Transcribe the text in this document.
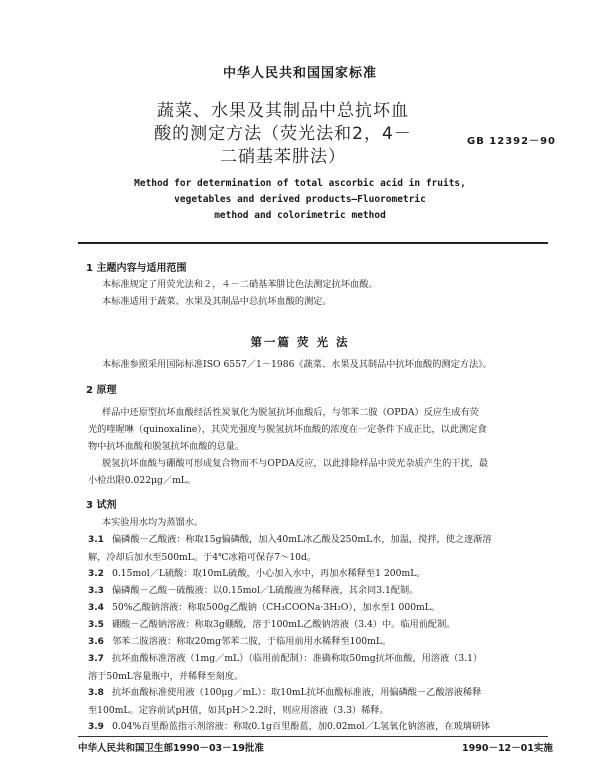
中华人民共和国国家标准
蔬菜、水果及其制品中总抗坏血
酸的测定方法（荧光法和2，4－
二硝基苯肼法）
GB 12392－90
Method for determination of total ascorbic acid in fruits,
vegetables and derived products—Fluorometric
method and colorimetric method
1 主题内容与适用范围
本标准规定了用荧光法和２，４－二硝基苯肼比色法测定抗坏血酸。
本标准适用于蔬菜、水果及其制品中总抗坏血酸的测定。
第一篇 荧 光 法
本标准参照采用国际标准ISO 6557／1－1986《蔬菜、水果及其制品中抗坏血酸的测定方法》。
2 原理
样品中还原型抗坏血酸经活性炭氧化为脱氢抗坏血酸后，与邻苯二胺（OPDA）反应生成有荧
光的喹喔啉（quinoxaline），其荧光强度与脱氢抗坏血酸的浓度在一定条件下成正比，以此测定食
物中抗坏血酸和脱氢抗坏血酸的总量。
脱氢抗坏血酸与硼酸可形成复合物而不与OPDA反应，以此排除样品中荧光杂质产生的干扰，最
小检出限0.022μg／mL。
3 试剂
本实验用水均为蒸馏水。
3.1 偏磷酸－乙酸液：称取15g偏磷酸，加入40mL冰乙酸及250mL水，加温，搅拌，使之逐渐溶
解，冷却后加水至500mL。于4℃冰箱可保存7～10d。
3.2 0.15mol／L硫酸：取10mL硫酸，小心加入水中，再加水稀释至1 200mL。
3.3 偏磷酸－乙酸－硫酸液：以0.15mol／L硫酸液为稀释液，其余同3.1配制。
3.4 50%乙酸钠溶液：称取500g乙酸钠（CH₃COONa·3H₂O），加水至1 000mL。
3.5 硼酸－乙酸钠溶液：称取3g硼酸，溶于100mL乙酸钠溶液（3.4）中。临用前配制。
3.6 邻苯二胺溶液：称取20mg邻苯二胺，于临用前用水稀释至100mL。
3.7 抗坏血酸标准溶液（1mg／mL）（临用前配制）：准确称取50mg抗坏血酸，用溶液（3.1）
溶于50mL容量瓶中，并稀释至刻度。
3.8 抗坏血酸标准使用液（100μg／mL）：取10mL抗坏血酸标准液，用偏磷酸－乙酸溶液稀释
至100mL。定容前试pH值，如其pH＞2.2时，则应用溶液（3.3）稀释。
3.9 0.04%百里酚蓝指示剂溶液：称取0.1g百里酚蓝，加0.02mol／L氢氧化钠溶液，在玻璃研钵
中华人民共和国卫生部1990－03－19批准	1990－12－01实施
